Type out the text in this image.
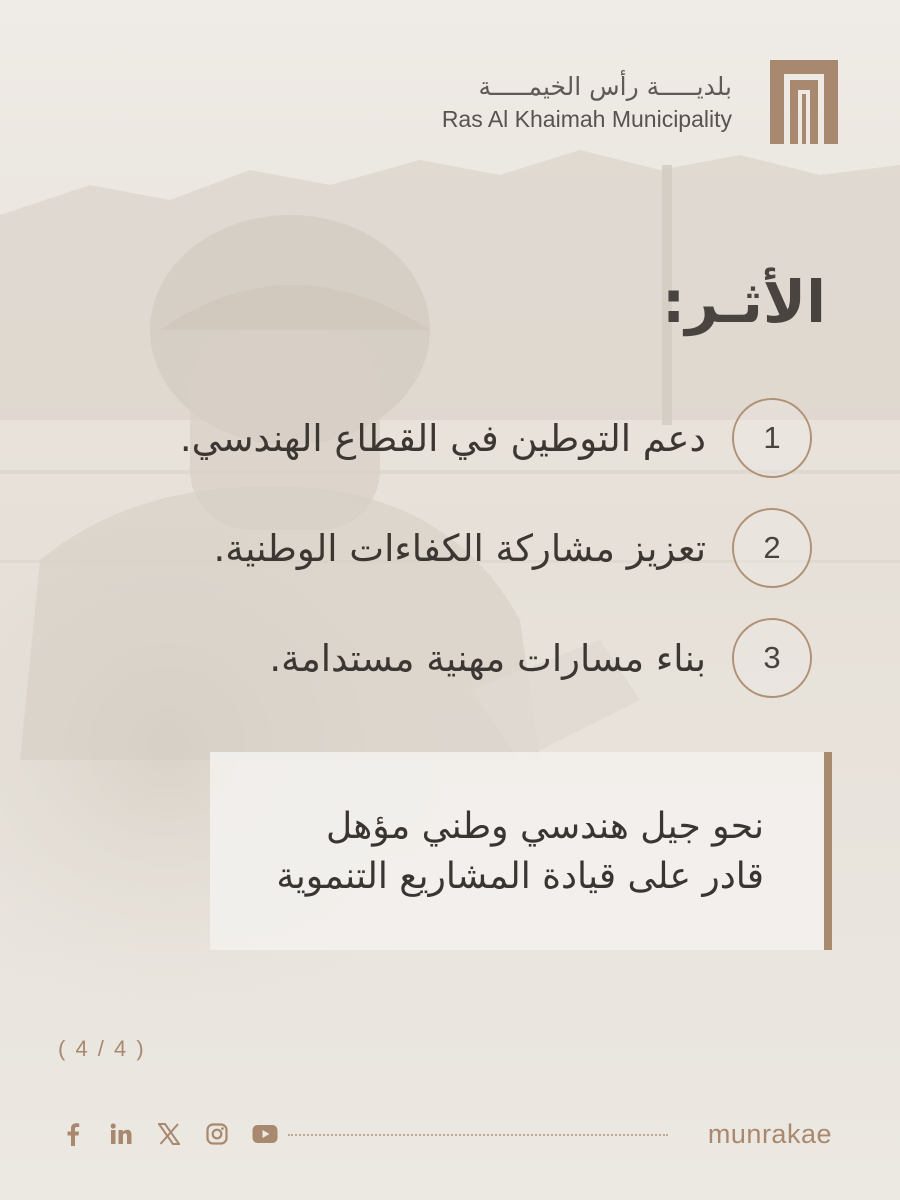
بلديـــــة رأس الخيمـــــة
Ras Al Khaimah Municipality
الأثـر:
1
دعم التوطين في القطاع الهندسي.
2
تعزيز مشاركة الكفاءات الوطنية.
3
بناء مسارات مهنية مستدامة.

نحو جيل هندسي وطني مؤهل
قادر على قيادة المشاريع التنموية

( 4 / 4 )
munrakae
